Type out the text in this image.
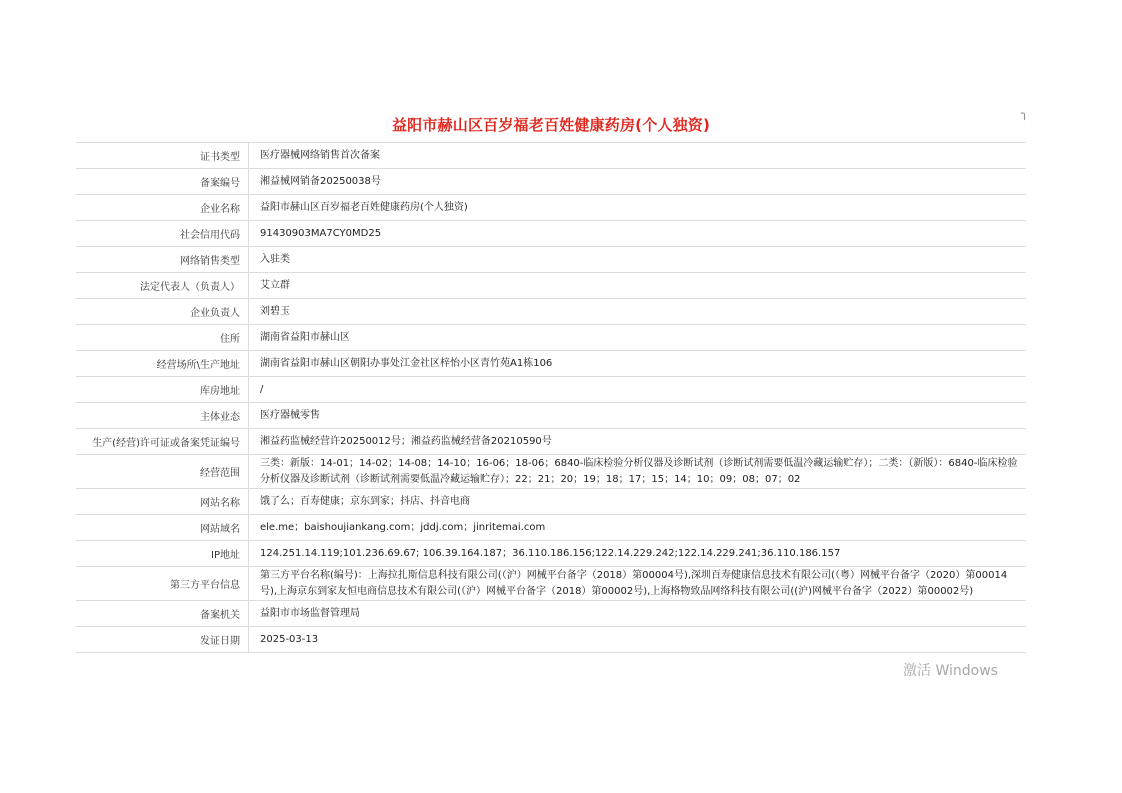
╮
益阳市赫山区百岁福老百姓健康药房(个人独资)
证书类型	医疗器械网络销售首次备案
备案编号	湘益械网销备20250038号
企业名称	益阳市赫山区百岁福老百姓健康药房(个人独资)
社会信用代码	91430903MA7CY0MD25
网络销售类型	入驻类
法定代表人（负责人）	艾立群
企业负责人	刘碧玉
住所	湖南省益阳市赫山区
经营场所\生产地址	湖南省益阳市赫山区朝阳办事处江金社区梓怡小区青竹苑A1栋106
库房地址	/
主体业态	医疗器械零售
生产(经营)许可证或备案凭证编号	湘益药监械经营许20250012号；湘益药监械经营备20210590号
经营范围	三类：新版：14-01；14-02；14-08；14-10；16-06；18-06；6840-临床检验分析仪器及诊断试剂（诊断试剂需要低温冷藏运输贮存）；二类：（新版）：6840-临床检验分析仪器及诊断试剂（诊断试剂需要低温冷藏运输贮存）；22；21；20；19；18；17；15；14；10；09；08；07；02
网站名称	饿了么；百寿健康；京东到家；抖店、抖音电商
网站域名	ele.me；baishoujiankang.com；jddj.com；jinritemai.com
IP地址	124.251.14.119;101.236.69.67; 106.39.164.187；36.110.186.156;122.14.229.242;122.14.229.241;36.110.186.157
第三方平台信息	第三方平台名称(编号)：上海拉扎斯信息科技有限公司(（沪）网械平台备字（2018）第00004号),深圳百寿健康信息技术有限公司(（粤）网械平台备字（2020）第00014号),上海京东到家友恒电商信息技术有限公司(（沪）网械平台备字（2018）第00002号),上海格物致品网络科技有限公司((沪)网械平台备字（2022）第00002号)
备案机关	益阳市市场监督管理局
发证日期	2025-03-13
激活 Windows
